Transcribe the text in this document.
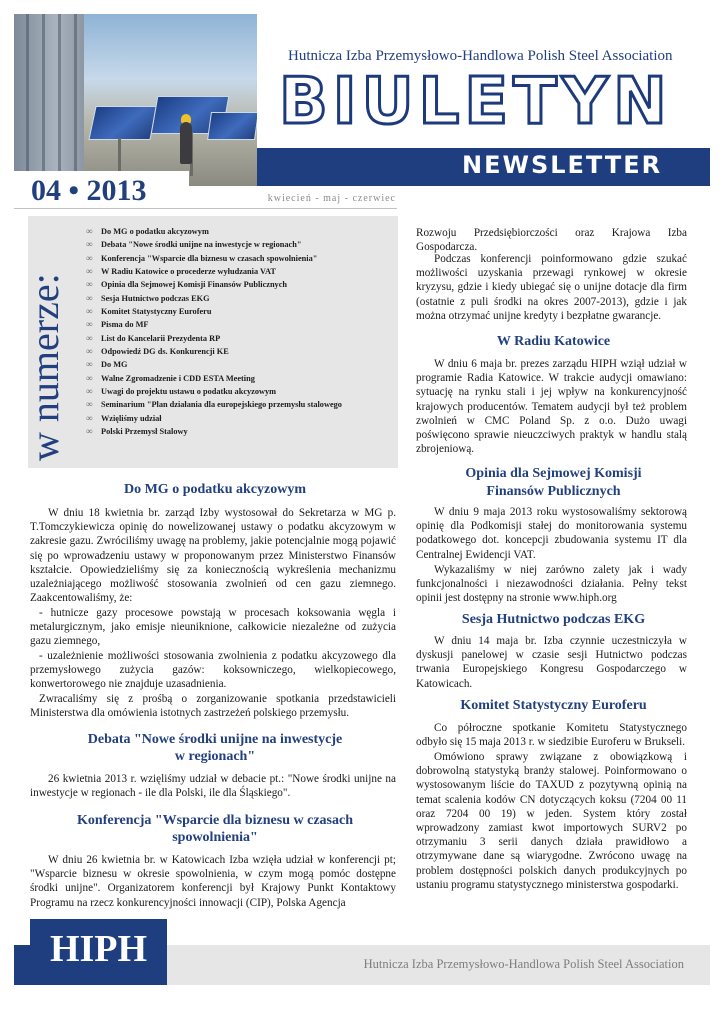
Hutnicza Izba Przemysłowo-Handlowa Polish Steel Association
BIULETYN
NEWSLETTER
04 • 2013	kwiecień - maj - czerwiec
w numerze:
∞ Do MG o podatku akcyzowym
∞ Debata "Nowe środki unijne na inwestycje w regionach"
∞ Konferencja "Wsparcie dla biznesu w czasach spowolnienia"
∞ W Radiu Katowice o procederze wyłudzania VAT
∞ Opinia dla Sejmowej Komisji Finansów Publicznych
∞ Sesja Hutnictwo podczas EKG
∞ Komitet Statystyczny Euroferu
∞ Pisma do MF
∞ List do Kancelarii Prezydenta RP
∞ Odpowiedź DG ds. Konkurencji KE
∞ Do MG
∞ Walne Zgromadzenie i CDD ESTA Meeting
∞ Uwagi do projektu ustawu o podatku akcyzowym
∞ Seminarium "Plan działania dla europejskiego przemysłu stalowego
∞ Wzięliśmy udział
∞ Polski Przemysł Stalowy
Do MG o podatku akcyzowym

W dniu 18 kwietnia br. zarząd Izby wystosował do Sekretarza w MG p. T.Tomczykiewicza opinię do nowelizowanej ustawy o podatku akcyzowym w zakresie gazu. Zwróciliśmy uwagę na problemy, jakie potencjalnie mogą pojawić się po wprowadzeniu ustawy w proponowanym przez Ministerstwo Finansów kształcie. Opowiedzieliśmy się za koniecznością wykreślenia mechanizmu uzależniającego możliwość stosowania zwolnień od cen gazu ziemnego. Zaakcentowaliśmy, że:

- hutnicze gazy procesowe powstają w procesach koksowania węgla i metalurgicznym, jako emisje nieuniknione, całkowicie niezależne od zużycia gazu ziemnego,

- uzależnienie możliwości stosowania zwolnienia z podatku akcyzowego dla przemysłowego zużycia gazów: koksowniczego, wielkopiecowego, konwertorowego nie znajduje uzasadnienia.

Zwracaliśmy się z prośbą o zorganizowanie spotkania przedstawicieli Ministerstwa dla omówienia istotnych zastrzeżeń polskiego przemysłu.

Debata "Nowe środki unijne na inwestycje
w regionach"

26 kwietnia 2013 r. wzięliśmy udział w debacie pt.: "Nowe środki unijne na inwestycje w regionach - ile dla Polski, ile dla Śląskiego".

Konferencja "Wsparcie dla biznesu w czasach
spowolnienia"

W dniu 26 kwietnia br. w Katowicach Izba wzięła udział w konferencji pt; "Wsparcie biznesu w okresie spowolnienia, w czym mogą pomóc dostępne środki unijne". Organizatorem konferencji był Krajowy Punkt Kontaktowy Programu na rzecz konkurencyjności innowacji (CIP), Polska Agencja

Rozwoju Przedsiębiorczości oraz Krajowa Izba Gospodarcza.

Podczas konferencji poinformowano gdzie szukać możliwości uzyskania przewagi rynkowej w okresie kryzysu, gdzie i kiedy ubiegać się o unijne dotacje dla firm (ostatnie z puli środki na okres 2007-2013), gdzie i jak można otrzymać unijne kredyty i bezpłatne gwarancje.

W Radiu Katowice

W dniu 6 maja br. prezes zarządu HIPH wziął udział w programie Radia Katowice. W trakcie audycji omawiano: sytuację na rynku stali i jej wpływ na konkurencyjność krajowych producentów. Tematem audycji był też problem zwolnień w CMC Poland Sp. z o.o. Dużo uwagi poświęcono sprawie nieuczciwych praktyk w handlu stalą zbrojeniową.

Opinia dla Sejmowej Komisji
Finansów Publicznych

W dniu 9 maja 2013 roku wystosowaliśmy sektorową opinię dla Podkomisji stałej do monitorowania systemu podatkowego dot. koncepcji zbudowania systemu IT dla Centralnej Ewidencji VAT.

Wykazaliśmy w niej zarówno zalety jak i wady funkcjonalności i niezawodności działania. Pełny tekst opinii jest dostępny na stronie www.hiph.org

Sesja Hutnictwo podczas EKG

W dniu 14 maja br. Izba czynnie uczestniczyła w dyskusji panelowej w czasie sesji Hutnictwo podczas trwania Europejskiego Kongresu Gospodarczego w Katowicach.

Komitet Statystyczny Euroferu

Co półroczne spotkanie Komitetu Statystycznego odbyło się 15 maja 2013 r. w siedzibie Euroferu w Brukseli.

Omówiono sprawy związane z obowiązkową i dobrowolną statystyką branży stalowej. Poinformowano o wystosowanym liście do TAXUD z pozytywną opinią na temat scalenia kodów CN dotyczących koksu (7204 00 11 oraz 7204 00 19) w jeden. System który został wprowadzony zamiast kwot importowych SURV2 po otrzymaniu 3 serii danych działa prawidłowo a otrzymywane dane są wiarygodne. Zwrócono uwagę na problem dostępności polskich danych produkcyjnych po ustaniu programu statystycznego ministerstwa gospodarki.

HIPH	Hutnicza Izba Przemysłowo-Handlowa Polish Steel Association
